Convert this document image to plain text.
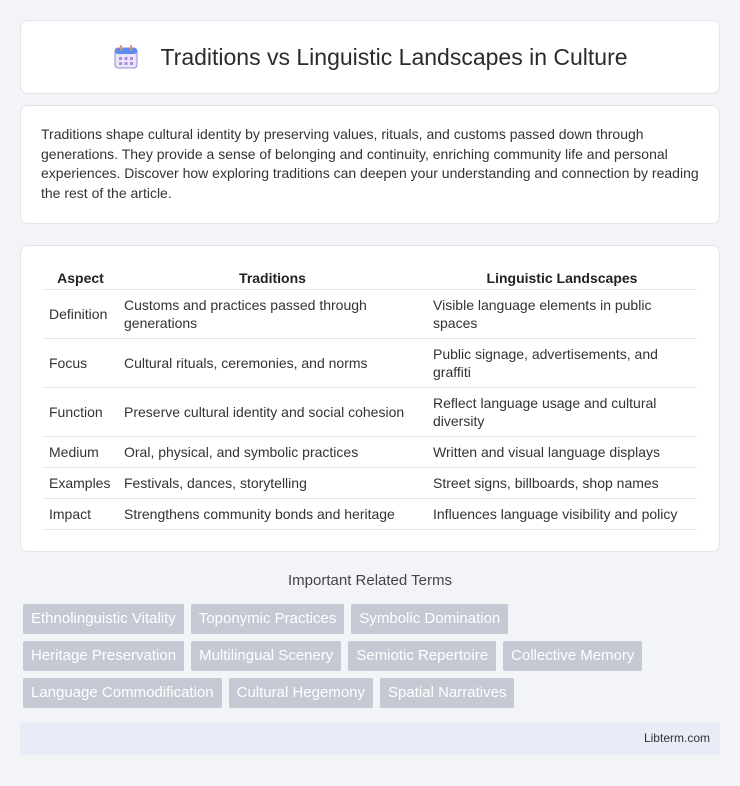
Traditions vs Linguistic Landscapes in Culture

Traditions shape cultural identity by preserving values, rituals, and customs passed down through generations. They provide a sense of belonging and continuity, enriching community life and personal experiences. Discover how exploring traditions can deepen your understanding and connection by reading the rest of the article.

Aspect	Traditions	Linguistic Landscapes
Definition	Customs and practices passed through generations	Visible language elements in public spaces
Focus	Cultural rituals, ceremonies, and norms	Public signage, advertisements, and graffiti
Function	Preserve cultural identity and social cohesion	Reflect language usage and cultural diversity
Medium	Oral, physical, and symbolic practices	Written and visual language displays
Examples	Festivals, dances, storytelling	Street signs, billboards, shop names
Impact	Strengthens community bonds and heritage	Influences language visibility and policy
Important Related Terms
Ethnolinguistic Vitality	Toponymic Practices	Symbolic Domination
Heritage Preservation	Multilingual Scenery	Semiotic Repertoire	Collective Memory
Language Commodification	Cultural Hegemony	Spatial Narratives
Libterm.com
